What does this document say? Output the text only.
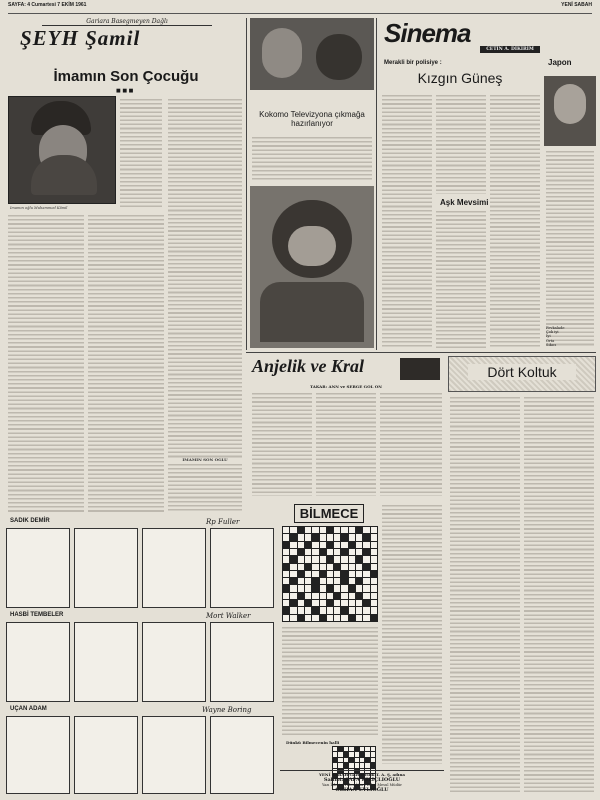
SAYFA: 4 Cumartesi 7 EKİM 1961	YENİ SABAH
Gariara Basegmeyen Dağlı
ŞEYH Şamil
İmamın Son Çocuğu
■ ■ ■
İmamın oğlu Muhammed Kâmil
İMAMIN SON OĞLU
Kokomo Televizyona çıkmağa hazırlanıyor
Sinema
CETİN A. DİKİRİM
Merakli bir polisiye :
Kızgın Güneş
Aşk Mevsimi
Japon
Anjelik ve Kral
TAKAR: ANN ve SERGE GOL ON
Dört Koltuk
SADIK DEMİR	Rp Fuller
HASBİ TEMBELER	Mort Walker
UÇAN ADAM	Wayne Boring
BİLMECE
Dünkü Bilmecenin halli
YENİ SABAH Gazetecilik T. A. Ş. adına
Sahibi: SAFA KILIÇLIOĞLU
Yazı İşlerini Fiilen İdare Eden Mesul Müdür
ORHAN EVLİOĞLU
Fevkalade
Çok iyi
İyi
Orta
Sıkıcı
